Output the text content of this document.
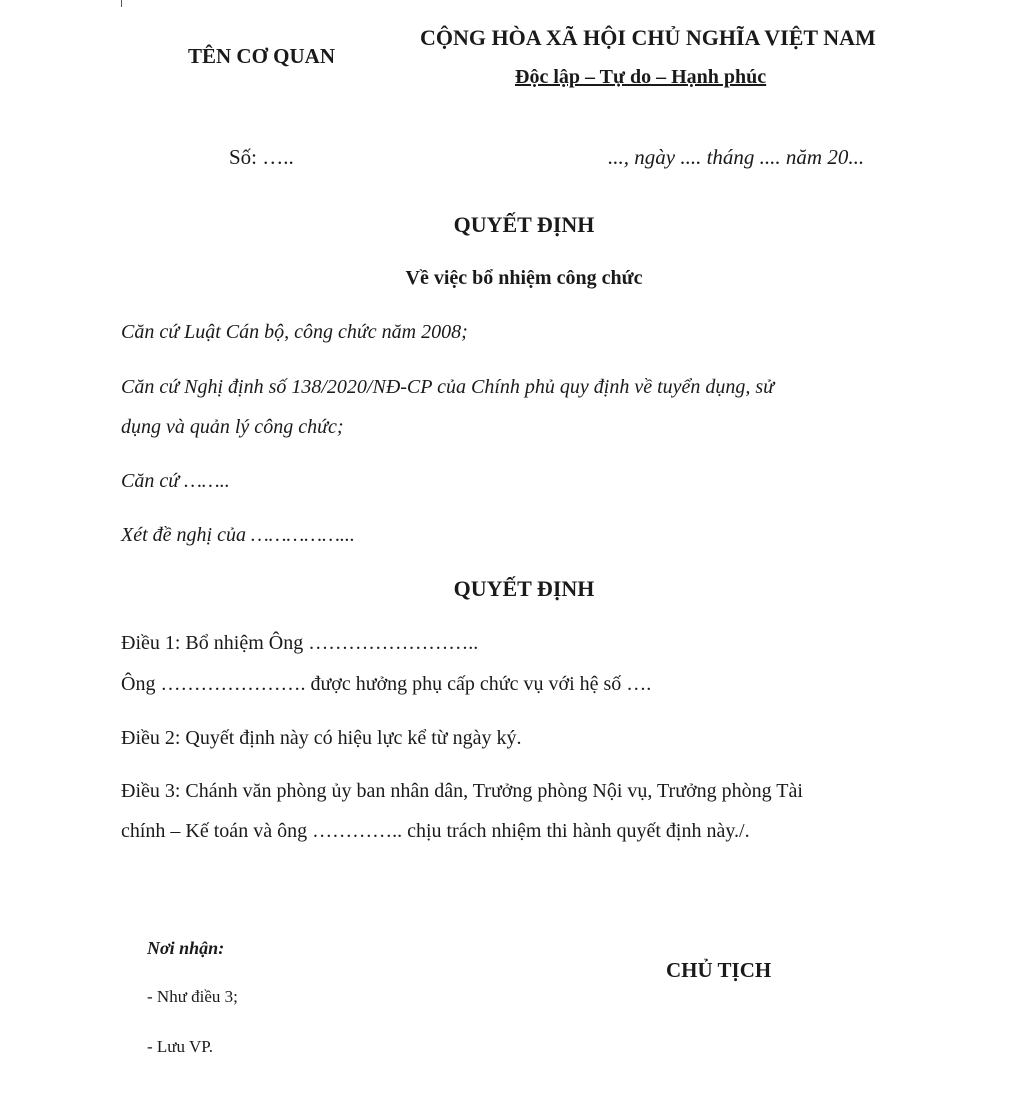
TÊN CƠ QUAN
CỘNG HÒA XÃ HỘI CHỦ NGHĨA VIỆT NAM
Độc lập – Tự do – Hạnh phúc
Số: …..	..., ngày .... tháng .... năm 20...
QUYẾT ĐỊNH
Về việc bổ nhiệm công chức
Căn cứ Luật Cán bộ, công chức năm 2008;
Căn cứ Nghị định số 138/2020/NĐ-CP của Chính phủ quy định về tuyển dụng, sử
dụng và quản lý công chức;
Căn cứ ……..
Xét đề nghị của ……………...
QUYẾT ĐỊNH
Điều 1: Bổ nhiệm Ông ……………………..
Ông …………………. được hưởng phụ cấp chức vụ với hệ số ….
Điều 2: Quyết định này có hiệu lực kể từ ngày ký.
Điều 3: Chánh văn phòng ủy ban nhân dân, Trưởng phòng Nội vụ, Trưởng phòng Tài
chính – Kế toán và ông ………….. chịu trách nhiệm thi hành quyết định này./.
Nơi nhận:
- Như điều 3;
- Lưu VP.
CHỦ TỊCH
